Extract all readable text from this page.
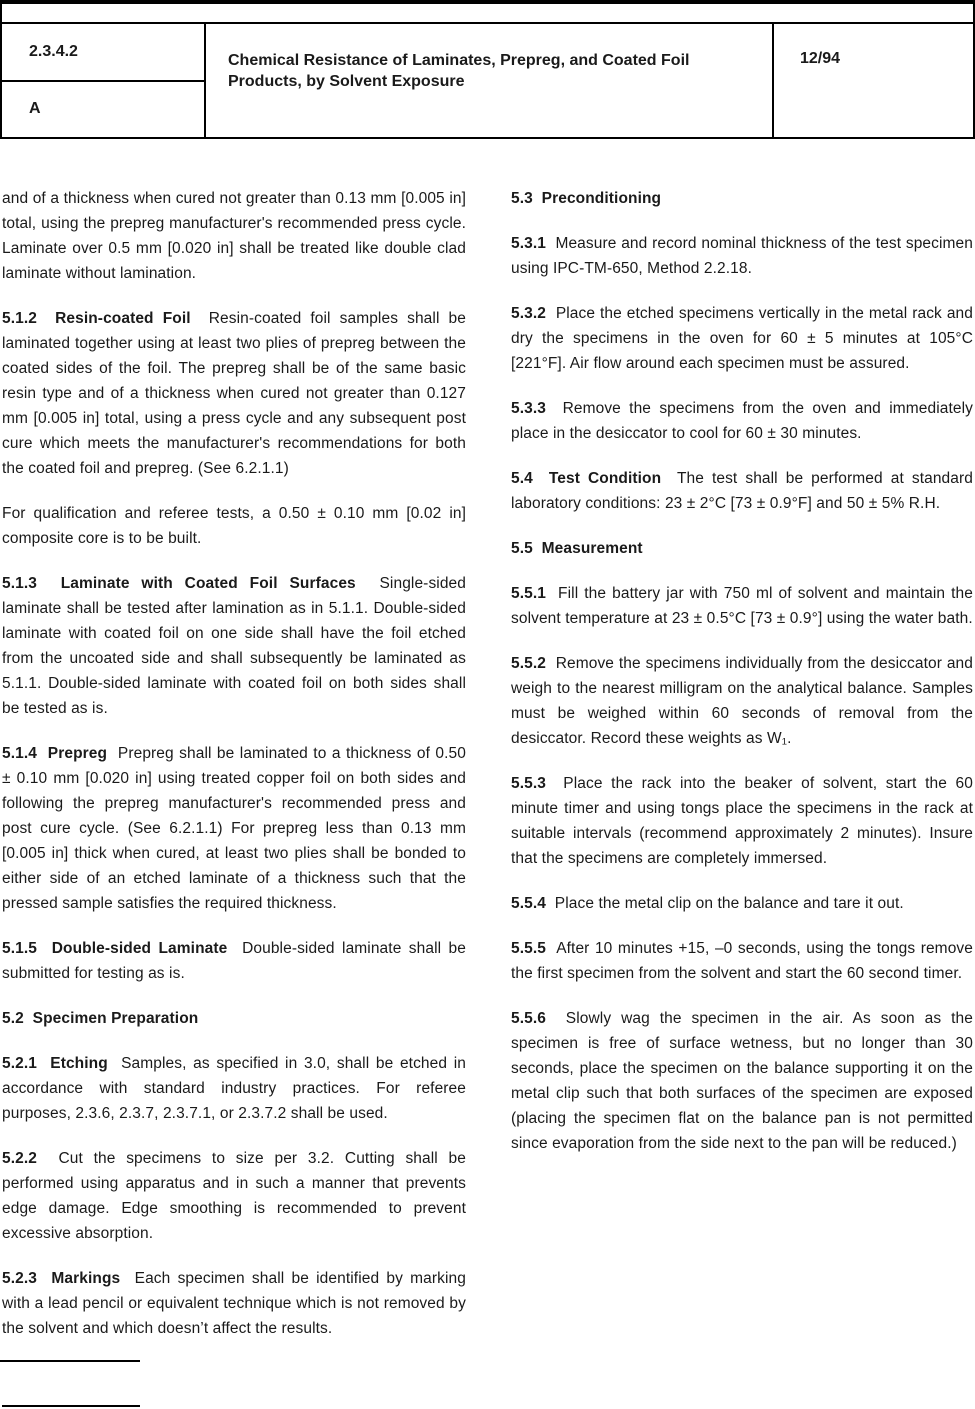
2.3.4.2
A
Chemical Resistance of Laminates, Prepreg, and Coated Foil Products, by Solvent Exposure
12/94

and of a thickness when cured not greater than 0.13 mm [0.005 in] total, using the prepreg manufacturer's recommended press cycle. Laminate over 0.5 mm [0.020 in] shall be treated like double clad laminate without lamination.

5.1.2  Resin-coated Foil  Resin-coated foil samples shall be laminated together using at least two plies of prepreg between the coated sides of the foil. The prepreg shall be of the same basic resin type and of a thickness when cured not greater than 0.127 mm [0.005 in] total, using a press cycle and any subsequent post cure which meets the manufacturer's recommendations for both the coated foil and prepreg. (See 6.2.1.1)

For qualification and referee tests, a 0.50 ± 0.10 mm [0.02 in] composite core is to be built.

5.1.3  Laminate with Coated Foil Surfaces  Single-sided laminate shall be tested after lamination as in 5.1.1. Double-sided laminate with coated foil on one side shall have the foil etched from the uncoated side and shall subsequently be laminated as 5.1.1. Double-sided laminate with coated foil on both sides shall be tested as is.

5.1.4  Prepreg  Prepreg shall be laminated to a thickness of 0.50 ± 0.10 mm [0.020 in] using treated copper foil on both sides and following the prepreg manufacturer's recommended press and post cure cycle. (See 6.2.1.1) For prepreg less than 0.13 mm [0.005 in] thick when cured, at least two plies shall be bonded to either side of an etched laminate of a thickness such that the pressed sample satisfies the required thickness.

5.1.5  Double-sided Laminate  Double-sided laminate shall be submitted for testing as is.

5.2  Specimen Preparation

5.2.1  Etching  Samples, as specified in 3.0, shall be etched in accordance with standard industry practices. For referee purposes, 2.3.6, 2.3.7, 2.3.7.1, or 2.3.7.2 shall be used.

5.2.2  Cut the specimens to size per 3.2. Cutting shall be performed using apparatus and in such a manner that prevents edge damage. Edge smoothing is recommended to prevent excessive absorption.

5.2.3  Markings  Each specimen shall be identified by marking with a lead pencil or equivalent technique which is not removed by the solvent and which doesn’t affect the results.

5.3  Preconditioning

5.3.1  Measure and record nominal thickness of the test specimen using IPC-TM-650, Method 2.2.18.

5.3.2  Place the etched specimens vertically in the metal rack and dry the specimens in the oven for 60 ± 5 minutes at 105°C [221°F]. Air flow around each specimen must be assured.

5.3.3  Remove the specimens from the oven and immediately place in the desiccator to cool for 60 ± 30 minutes.

5.4  Test Condition  The test shall be performed at standard laboratory conditions: 23 ± 2°C [73 ± 0.9°F] and 50 ± 5% R.H.

5.5  Measurement

5.5.1  Fill the battery jar with 750 ml of solvent and maintain the solvent temperature at 23 ± 0.5°C [73 ± 0.9°] using the water bath.

5.5.2  Remove the specimens individually from the desiccator and weigh to the nearest milligram on the analytical balance. Samples must be weighed within 60 seconds of removal from the desiccator. Record these weights as W₁.

5.5.3  Place the rack into the beaker of solvent, start the 60 minute timer and using tongs place the specimens in the rack at suitable intervals (recommend approximately 2 minutes). Insure that the specimens are completely immersed.

5.5.4  Place the metal clip on the balance and tare it out.

5.5.5  After 10 minutes +15, –0 seconds, using the tongs remove the first specimen from the solvent and start the 60 second timer.

5.5.6  Slowly wag the specimen in the air. As soon as the specimen is free of surface wetness, but no longer than 30 seconds, place the specimen on the balance supporting it on the metal clip such that both surfaces of the specimen are exposed (placing the specimen flat on the balance pan is not permitted since evaporation from the side next to the pan will be reduced.)
